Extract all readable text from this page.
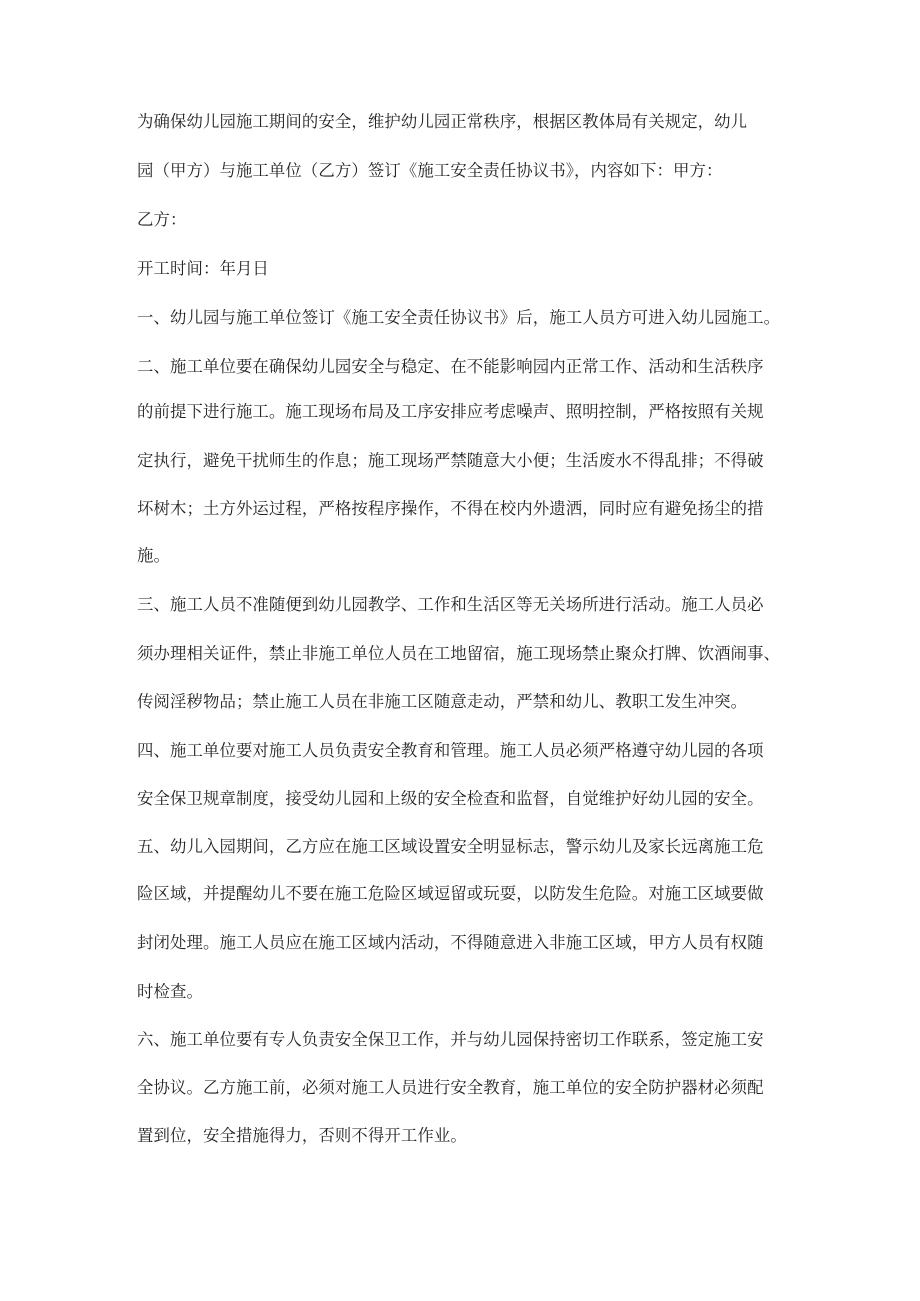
为确保幼儿园施工期间的安全，维护幼儿园正常秩序，根据区教体局有关规定，幼儿
园（甲方）与施工单位（乙方）签订《施工安全责任协议书》，内容如下：甲方：
乙方：
开工时间：年月日
一、幼儿园与施工单位签订《施工安全责任协议书》后，施工人员方可进入幼儿园施工。
二、施工单位要在确保幼儿园安全与稳定、在不能影响园内正常工作、活动和生活秩序
的前提下进行施工。施工现场布局及工序安排应考虑噪声、照明控制，严格按照有关规
定执行，避免干扰师生的作息；施工现场严禁随意大小便；生活废水不得乱排；不得破
坏树木；土方外运过程，严格按程序操作，不得在校内外遗洒，同时应有避免扬尘的措
施。
三、施工人员不准随便到幼儿园教学、工作和生活区等无关场所进行活动。施工人员必
须办理相关证件，禁止非施工单位人员在工地留宿，施工现场禁止聚众打牌、饮酒闹事、
传阅淫秽物品；禁止施工人员在非施工区随意走动，严禁和幼儿、教职工发生冲突。
四、施工单位要对施工人员负责安全教育和管理。施工人员必须严格遵守幼儿园的各项
安全保卫规章制度，接受幼儿园和上级的安全检查和监督，自觉维护好幼儿园的安全。
五、幼儿入园期间，乙方应在施工区域设置安全明显标志，警示幼儿及家长远离施工危
险区域，并提醒幼儿不要在施工危险区域逗留或玩耍，以防发生危险。对施工区域要做
封闭处理。施工人员应在施工区域内活动，不得随意进入非施工区域，甲方人员有权随
时检查。
六、施工单位要有专人负责安全保卫工作，并与幼儿园保持密切工作联系，签定施工安
全协议。乙方施工前，必须对施工人员进行安全教育，施工单位的安全防护器材必须配
置到位，安全措施得力，否则不得开工作业。
